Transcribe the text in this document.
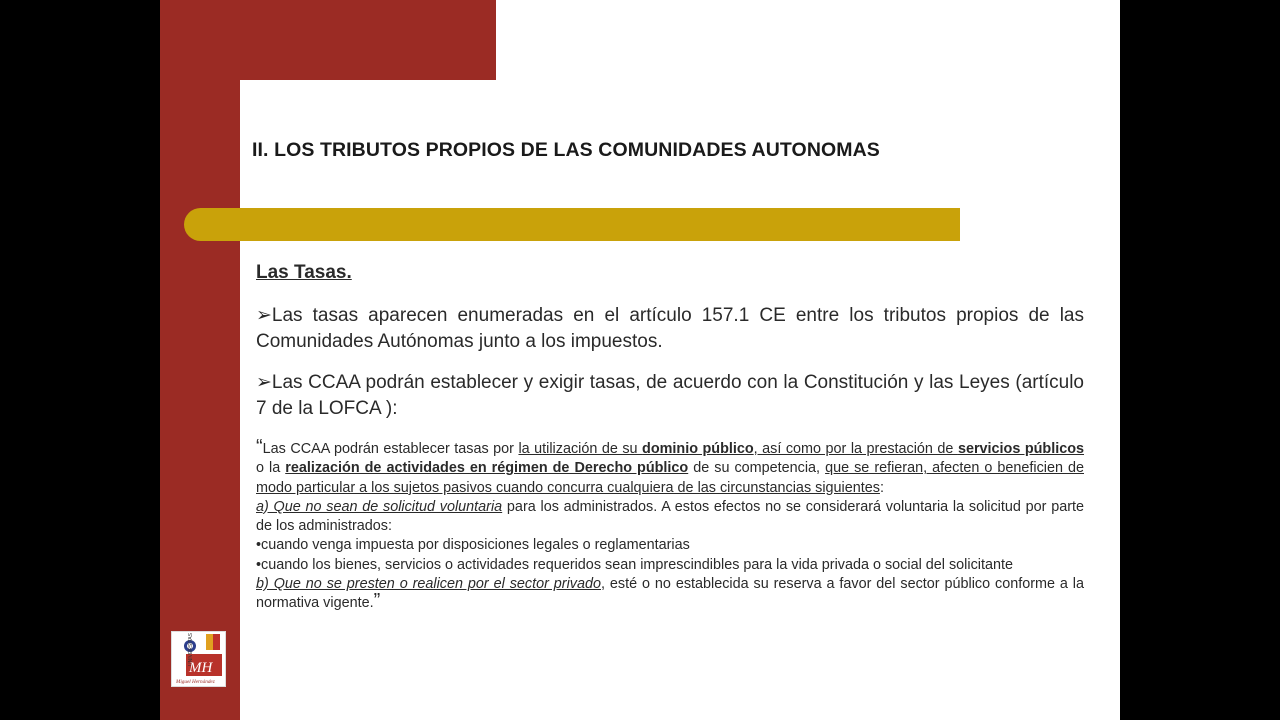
II. LOS TRIBUTOS PROPIOS DE LAS COMUNIDADES AUTONOMAS
Las Tasas.
➢Las tasas aparecen enumeradas en el artículo 157.1 CE entre los tributos propios de las Comunidades Autónomas junto a los impuestos.
➢Las CCAA podrán establecer y exigir tasas, de acuerdo con la Constitución y las Leyes (artículo 7 de la LOFCA ):
“Las CCAA podrán establecer tasas por la utilización de su dominio público, así como por la prestación de servicios públicos o la realización de actividades en régimen de Derecho público de su competencia, que se refieran, afecten o beneficien de modo particular a los sujetos pasivos cuando concurra cualquiera de las circunstancias siguientes:
a) Que no sean de solicitud voluntaria para los administrados. A estos efectos no se considerará voluntaria la solicitud por parte de los administrados:
•cuando venga impuesta por disposiciones legales o reglamentarias
•cuando los bienes, servicios o actividades requeridos sean imprescindibles para la vida privada o social del solicitante
b) Que no se presten o realicen por el sector privado, esté o no establecida su reserva a favor del sector público conforme a la normativa vigente.”
UNIVERSITAS
MH
Miguel Hernández
